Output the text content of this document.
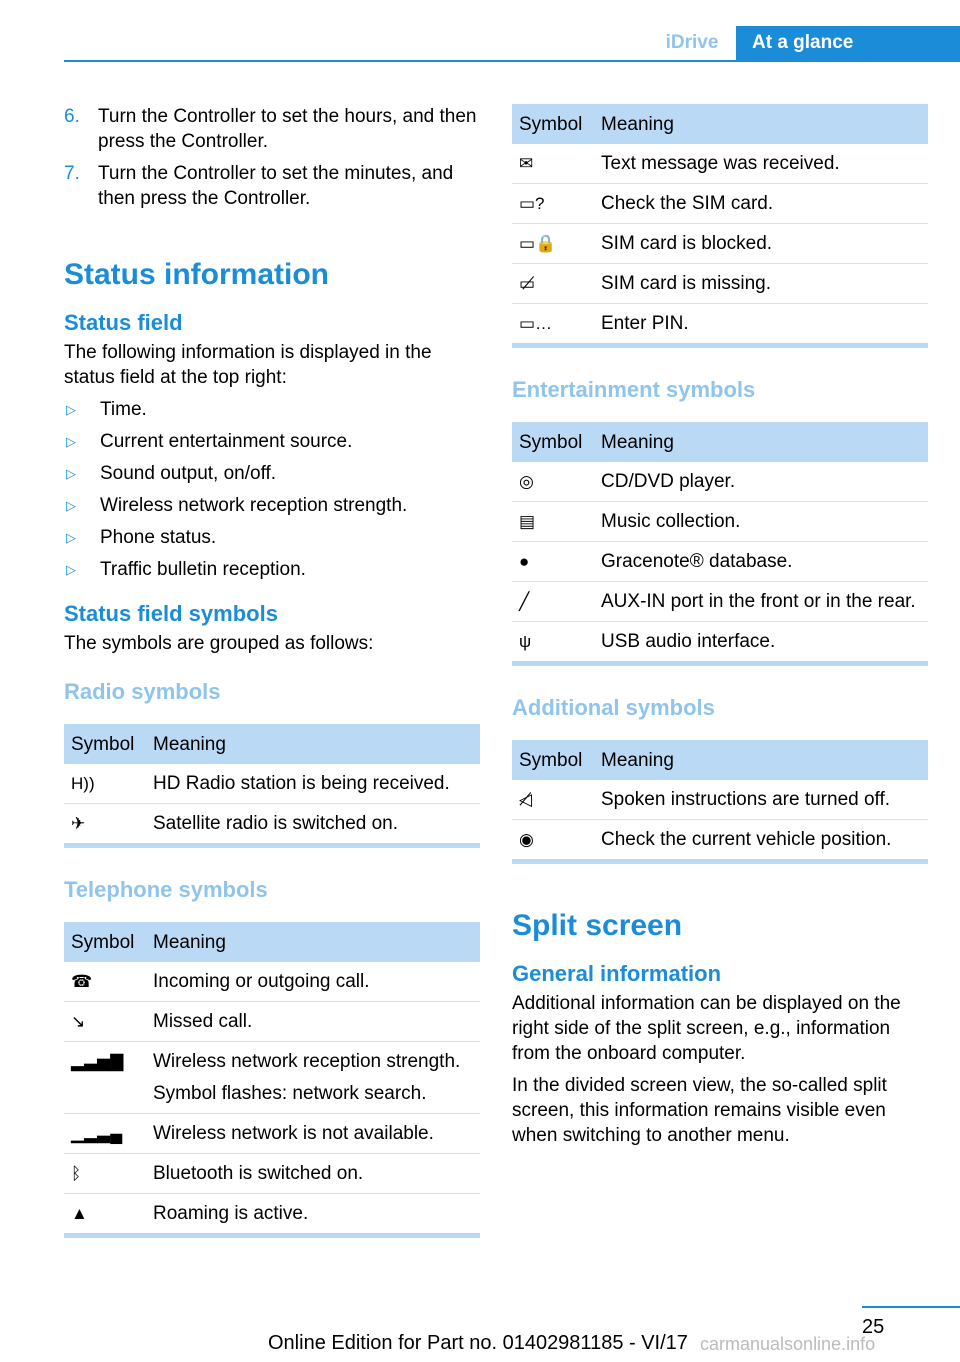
iDrive	At a glance
6. Turn the Controller to set the hours, and then press the Controller.
7. Turn the Controller to set the minutes, and then press the Controller.
Status information
Status field

The following information is displayed in the status field at the top right:

▷	Time.
▷	Current entertainment source.
▷	Sound output, on/off.
▷	Wireless network reception strength.
▷	Phone status.
▷	Traffic bulletin reception.
Status field symbols

The symbols are grouped as follows:

Radio symbols
Symbol	Meaning
H))	HD Radio station is being received.

✈	Satellite radio is switched on.
Telephone symbols
Symbol	Meaning
☎	Incoming or outgoing call.

↘	Missed call.

▂▃▅▇	Wireless network reception strength.
Symbol flashes: network search.

▁▂▃▄	Wireless network is not available.

ᛒ	Bluetooth is switched on.

▲	Roaming is active.
Symbol	Meaning
✉	Text message was received.

▭?	Check the SIM card.

▭🔒	SIM card is blocked.

▭̸	SIM card is missing.

▭…	Enter PIN.
Entertainment symbols
Symbol	Meaning
◎	CD/DVD player.

▤	Music collection.

●	Gracenote® database.

╱	AUX-IN port in the front or in the rear.

ψ	USB audio interface.
Additional symbols
Symbol	Meaning
◁̸	Spoken instructions are turned off.

◉	Check the current vehicle position.
Split screen
General information

Additional information can be displayed on the right side of the split screen, e.g., information from the onboard computer.

In the divided screen view, the so-called split screen, this information remains visible even when switching to another menu.

25
Online Edition for Part no. 01402981185 - VI/17 carmanualsonline.info
